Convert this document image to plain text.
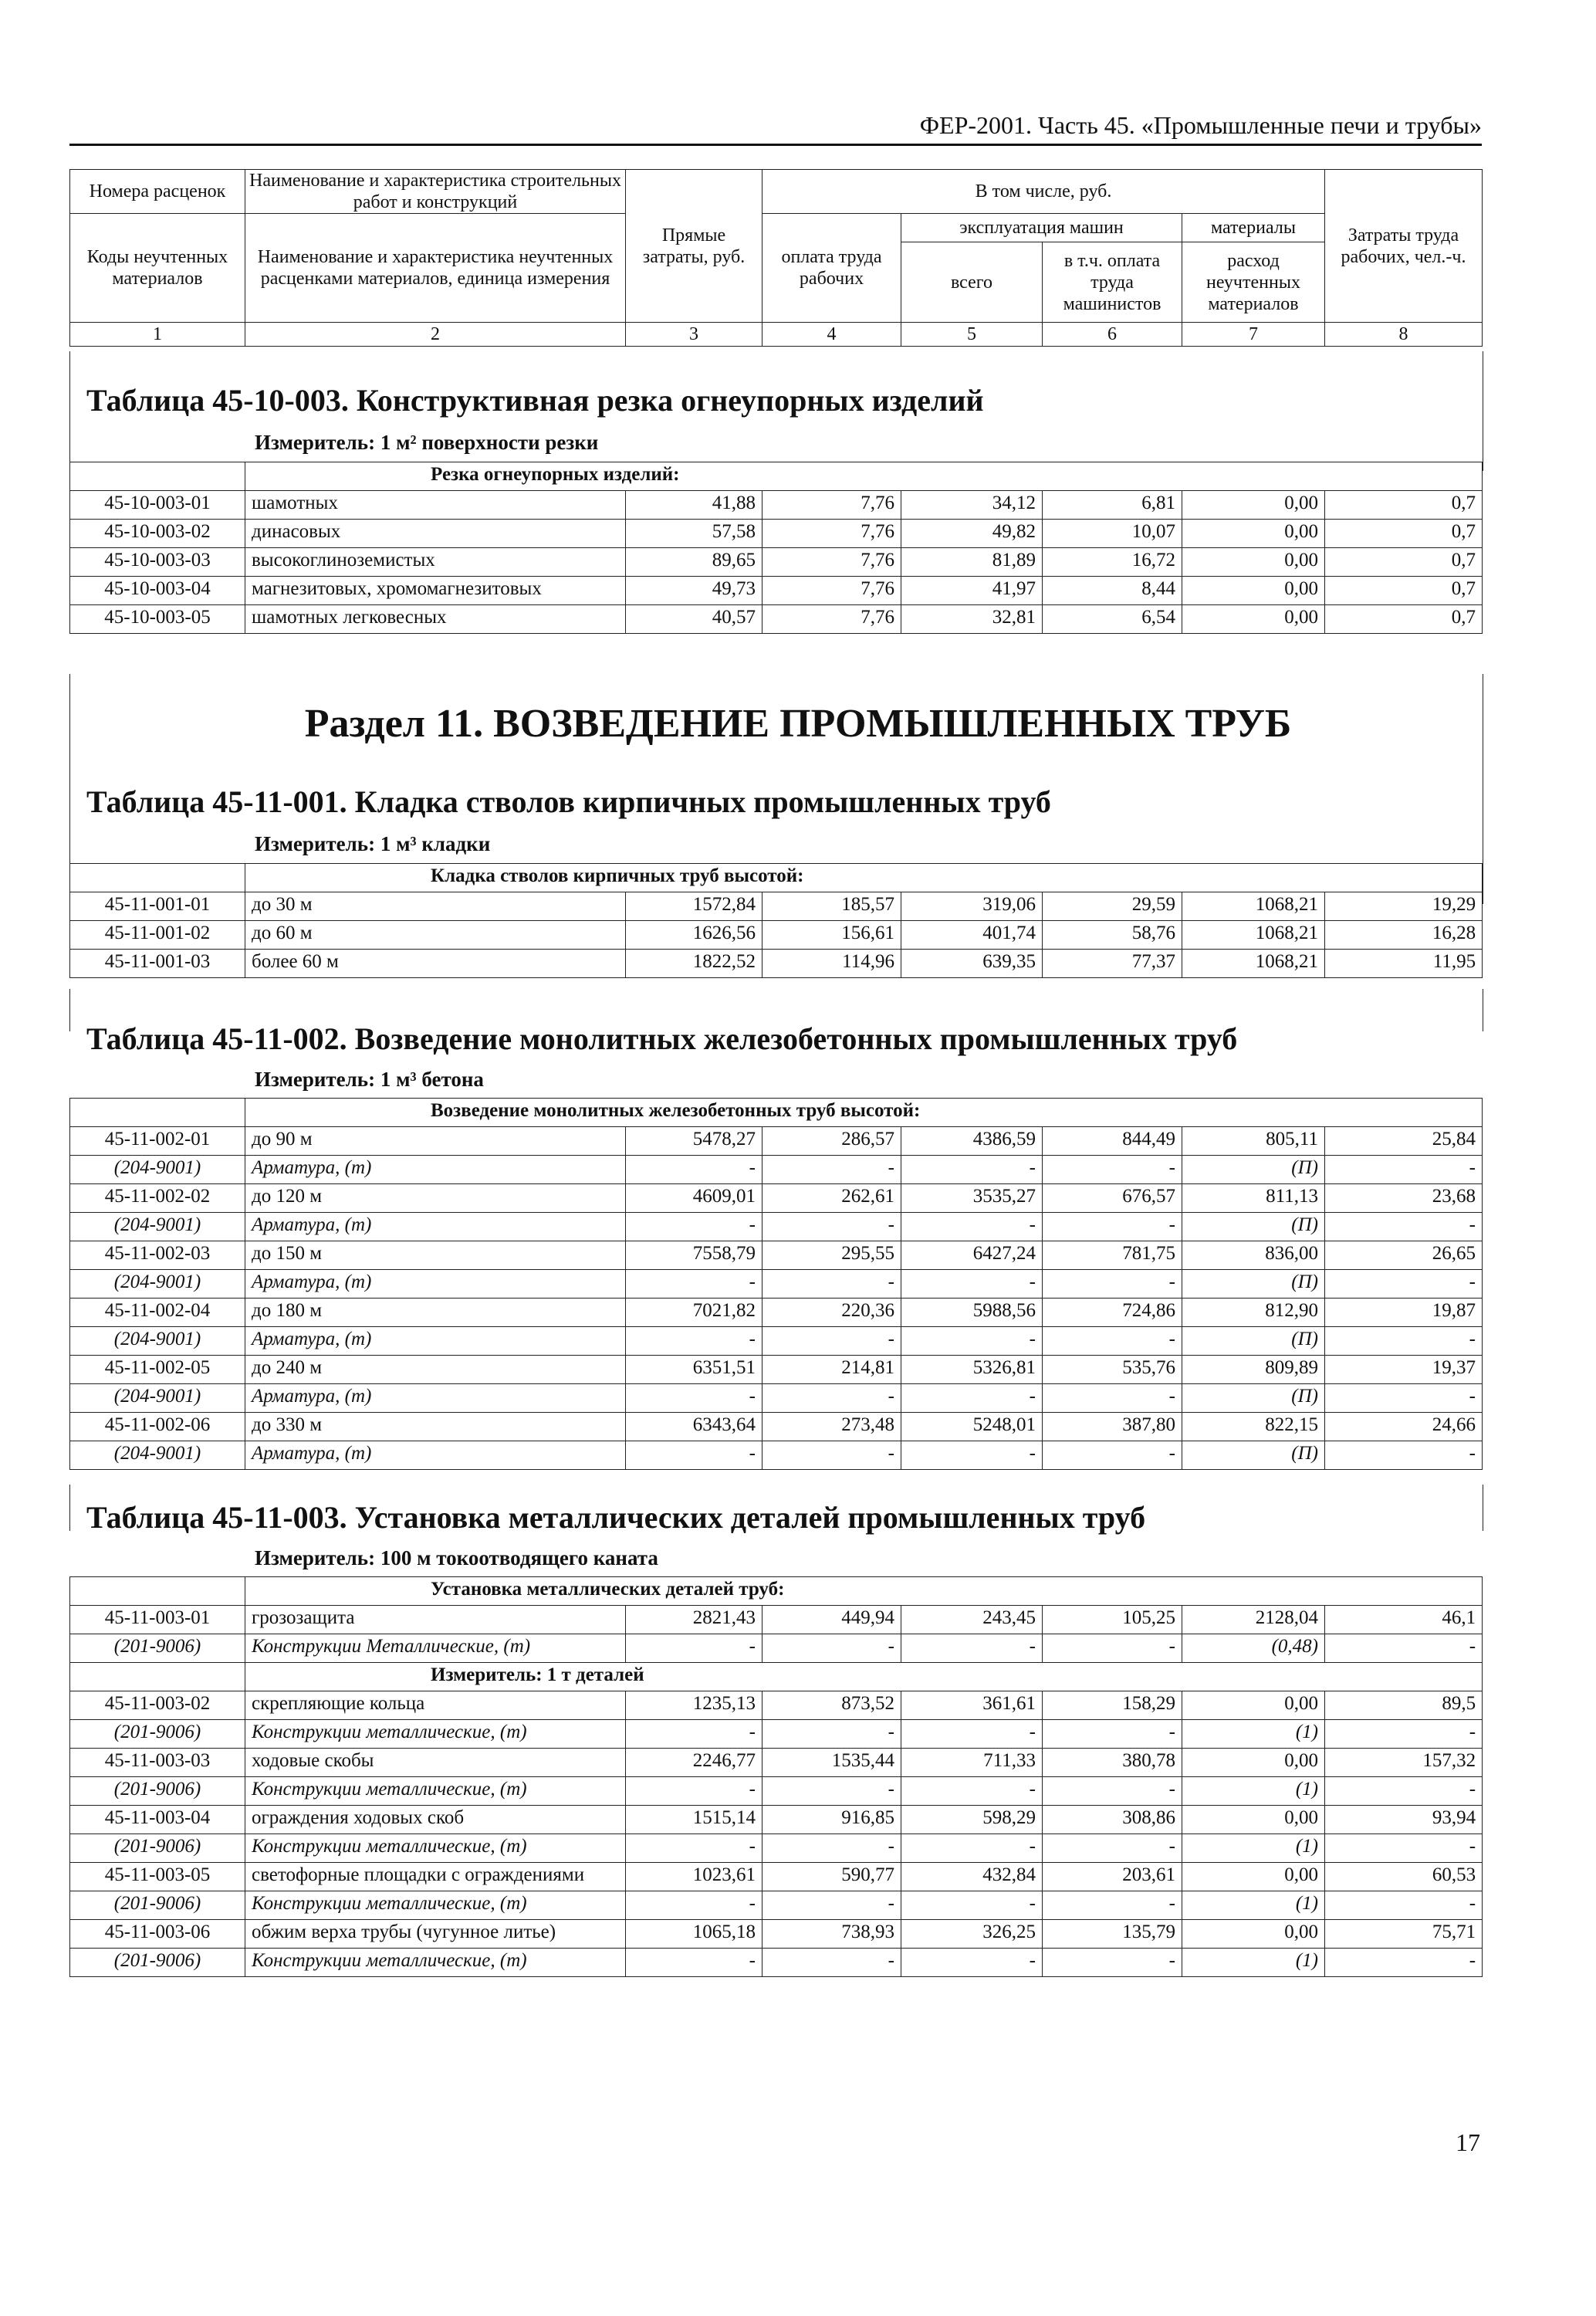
ФЕР-2001. Часть 45. «Промышленные печи и трубы»
Номера расценок	Наименование и характеристика строительных работ и конструкций	Прямые затраты, руб.	В том числе, руб.				Затраты труда рабочих, чел.-ч.
Коды неучтенных материалов	Наименование и характеристика неучтенных расценками материалов, единица измерения		оплата труда рабочих	эксплуатация машин		материалы	
				всего	в т.ч. оплата труда машинистов	расход неучтенных материалов	
1	2	3	4	5	6	7	8
Таблица 45-10-003. Конструктивная резка огнеупорных изделий
Измеритель: 1 м² поверхности резки
	Резка огнеупорных изделий:						
45-10-003-01	шамотных	41,88	7,76	34,12	6,81	0,00	0,7
45-10-003-02	динасовых	57,58	7,76	49,82	10,07	0,00	0,7
45-10-003-03	высокоглиноземистых	89,65	7,76	81,89	16,72	0,00	0,7
45-10-003-04	магнезитовых, хромомагнезитовых	49,73	7,76	41,97	8,44	0,00	0,7
45-10-003-05	шамотных легковесных	40,57	7,76	32,81	6,54	0,00	0,7
Раздел 11. ВОЗВЕДЕНИЕ ПРОМЫШЛЕННЫХ ТРУБ
Таблица 45-11-001. Кладка стволов кирпичных промышленных труб
Измеритель: 1 м³ кладки
	Кладка стволов кирпичных труб высотой:						
45-11-001-01	до 30 м	1572,84	185,57	319,06	29,59	1068,21	19,29
45-11-001-02	до 60 м	1626,56	156,61	401,74	58,76	1068,21	16,28
45-11-001-03	более 60 м	1822,52	114,96	639,35	77,37	1068,21	11,95
Таблица 45-11-002. Возведение монолитных железобетонных промышленных труб
Измеритель: 1 м³ бетона
	Возведение монолитных железобетонных труб высотой:						
45-11-002-01	до 90 м	5478,27	286,57	4386,59	844,49	805,11	25,84
(204-9001)	Арматура, (т)	-	-	-	-	(П)	-
45-11-002-02	до 120 м	4609,01	262,61	3535,27	676,57	811,13	23,68
(204-9001)	Арматура, (т)	-	-	-	-	(П)	-
45-11-002-03	до 150 м	7558,79	295,55	6427,24	781,75	836,00	26,65
(204-9001)	Арматура, (т)	-	-	-	-	(П)	-
45-11-002-04	до 180 м	7021,82	220,36	5988,56	724,86	812,90	19,87
(204-9001)	Арматура, (т)	-	-	-	-	(П)	-
45-11-002-05	до 240 м	6351,51	214,81	5326,81	535,76	809,89	19,37
(204-9001)	Арматура, (т)	-	-	-	-	(П)	-
45-11-002-06	до 330 м	6343,64	273,48	5248,01	387,80	822,15	24,66
(204-9001)	Арматура, (т)	-	-	-	-	(П)	-
Таблица 45-11-003. Установка металлических деталей промышленных труб
Измеритель: 100 м токоотводящего каната
	Установка металлических деталей труб:						
45-11-003-01	грозозащита	2821,43	449,94	243,45	105,25	2128,04	46,1
(201-9006)	Конструкции Металлические, (т)	-	-	-	-	(0,48)	-
	Измеритель: 1 т деталей						
45-11-003-02	скрепляющие кольца	1235,13	873,52	361,61	158,29	0,00	89,5
(201-9006)	Конструкции металлические, (т)	-	-	-	-	(1)	-
45-11-003-03	ходовые скобы	2246,77	1535,44	711,33	380,78	0,00	157,32
(201-9006)	Конструкции металлические, (т)	-	-	-	-	(1)	-
45-11-003-04	ограждения ходовых скоб	1515,14	916,85	598,29	308,86	0,00	93,94
(201-9006)	Конструкции металлические, (т)	-	-	-	-	(1)	-
45-11-003-05	светофорные площадки с ограждениями	1023,61	590,77	432,84	203,61	0,00	60,53
(201-9006)	Конструкции металлические, (т)	-	-	-	-	(1)	-
45-11-003-06	обжим верха трубы (чугунное литье)	1065,18	738,93	326,25	135,79	0,00	75,71
(201-9006)	Конструкции металлические, (т)	-	-	-	-	(1)	-
17
